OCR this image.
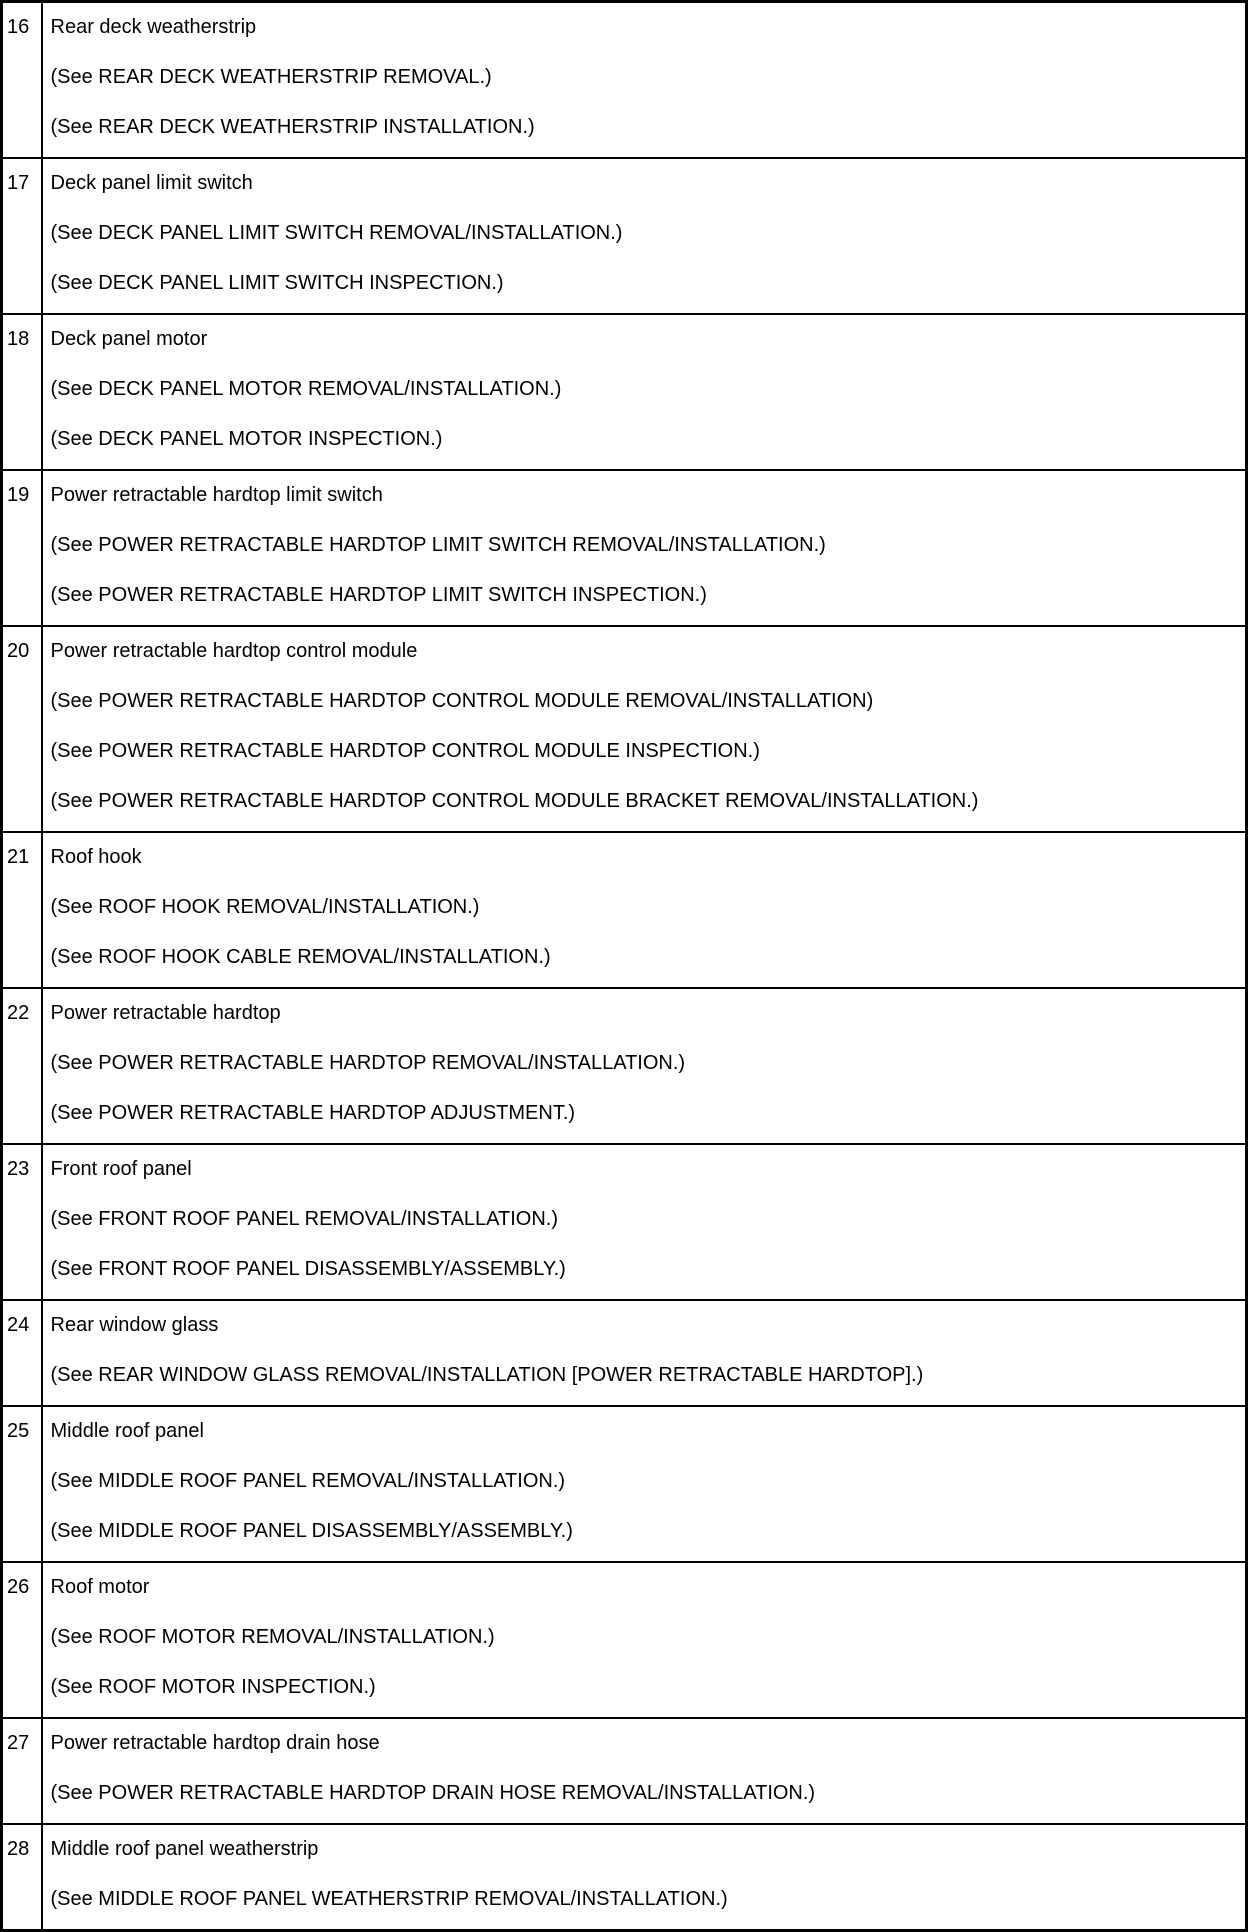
16	Rear deck weatherstrip
(See REAR DECK WEATHERSTRIP REMOVAL.)
(See REAR DECK WEATHERSTRIP INSTALLATION.)

17	Deck panel limit switch
(See DECK PANEL LIMIT SWITCH REMOVAL/INSTALLATION.)
(See DECK PANEL LIMIT SWITCH INSPECTION.)

18	Deck panel motor
(See DECK PANEL MOTOR REMOVAL/INSTALLATION.)
(See DECK PANEL MOTOR INSPECTION.)

19	Power retractable hardtop limit switch
(See POWER RETRACTABLE HARDTOP LIMIT SWITCH REMOVAL/INSTALLATION.)
(See POWER RETRACTABLE HARDTOP LIMIT SWITCH INSPECTION.)

20	Power retractable hardtop control module
(See POWER RETRACTABLE HARDTOP CONTROL MODULE REMOVAL/INSTALLATION)
(See POWER RETRACTABLE HARDTOP CONTROL MODULE INSPECTION.)
(See POWER RETRACTABLE HARDTOP CONTROL MODULE BRACKET REMOVAL/INSTALLATION.)

21	Roof hook
(See ROOF HOOK REMOVAL/INSTALLATION.)
(See ROOF HOOK CABLE REMOVAL/INSTALLATION.)

22	Power retractable hardtop
(See POWER RETRACTABLE HARDTOP REMOVAL/INSTALLATION.)
(See POWER RETRACTABLE HARDTOP ADJUSTMENT.)

23	Front roof panel
(See FRONT ROOF PANEL REMOVAL/INSTALLATION.)
(See FRONT ROOF PANEL DISASSEMBLY/ASSEMBLY.)

24	Rear window glass
(See REAR WINDOW GLASS REMOVAL/INSTALLATION [POWER RETRACTABLE HARDTOP].)

25	Middle roof panel
(See MIDDLE ROOF PANEL REMOVAL/INSTALLATION.)
(See MIDDLE ROOF PANEL DISASSEMBLY/ASSEMBLY.)

26	Roof motor
(See ROOF MOTOR REMOVAL/INSTALLATION.)
(See ROOF MOTOR INSPECTION.)

27	Power retractable hardtop drain hose
(See POWER RETRACTABLE HARDTOP DRAIN HOSE REMOVAL/INSTALLATION.)

28	Middle roof panel weatherstrip
(See MIDDLE ROOF PANEL WEATHERSTRIP REMOVAL/INSTALLATION.)
